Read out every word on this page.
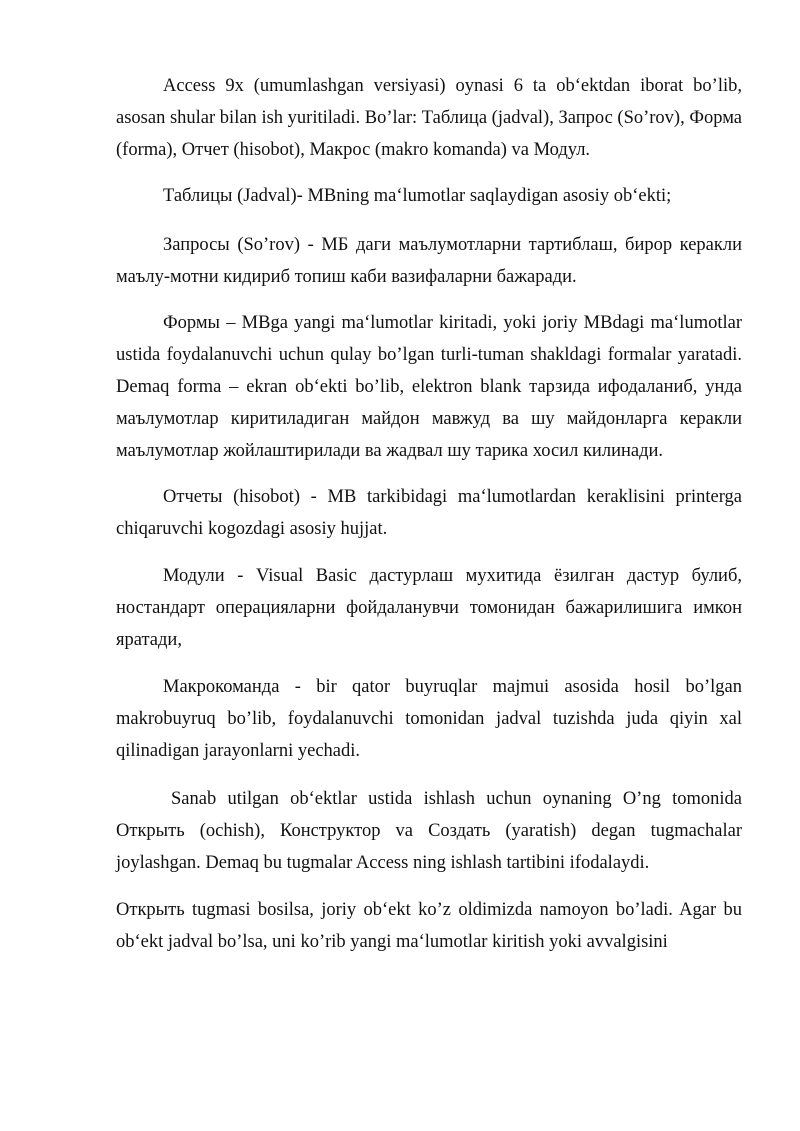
Access 9x (umumlashgan versiyasi) oynasi 6 ta ob‘ektdan iborat bo’lib, asosan shular bilan ish yuritiladi. Bo’lar: Таблица (jadval), Запрос (So’rov), Форма (forma), Отчет (hisobot), Макрос (makro komanda) va Модул.

Таблицы (Jadval)- MBning ma‘lumotlar saqlaydigan asosiy ob‘ekti;

Запросы (So’rov) - МБ даги маълумотларни тартиблаш, бирор керакли маълу-мотни кидириб топиш каби вазифаларни бажаради.

Формы – MBga yangi ma‘lumotlar kiritadi, yoki joriy MBdagi ma‘lumotlar ustida foydalanuvchi uchun qulay bo’lgan turli-tuman shakldagi formalar yaratadi. Demaq forma – ekran ob‘ekti bo’lib, elektron blank тарзида ифодаланиб, унда маълумотлар киритиладиган майдон мавжуд ва шу майдонларга керакли маълумотлар жойлаштирилади ва жадвал шу тарика хосил килинади.

Отчеты (hisobot) - MB tarkibidagi ma‘lumotlardan keraklisini printerga chiqaruvchi kogozdagi asosiy hujjat.

Модули - Visual Basic дастурлаш мухитида ёзилган дастур булиб, ностандарт операцияларни фойдаланувчи томонидан бажарилишига имкон яратади,

Макрокоманда - bir qator buyruqlar majmui asosida hosil bo’lgan makrobuyruq bo’lib, foydalanuvchi tomonidan jadval tuzishda juda qiyin xal qilinadigan jarayonlarni yechadi.

Sanab utilgan ob‘ektlar ustida ishlash uchun oynaning O’ng tomonida Открыть (ochish), Конструктор va Создать (yaratish) degan tugmachalar joylashgan. Demaq bu tugmalar Access ning ishlash tartibini ifodalaydi.

Открыть tugmasi bosilsa, joriy ob‘ekt ko’z oldimizda namoyon bo’ladi. Agar bu ob‘ekt jadval bo’lsa, uni ko’rib yangi ma‘lumotlar kiritish yoki avvalgisini
